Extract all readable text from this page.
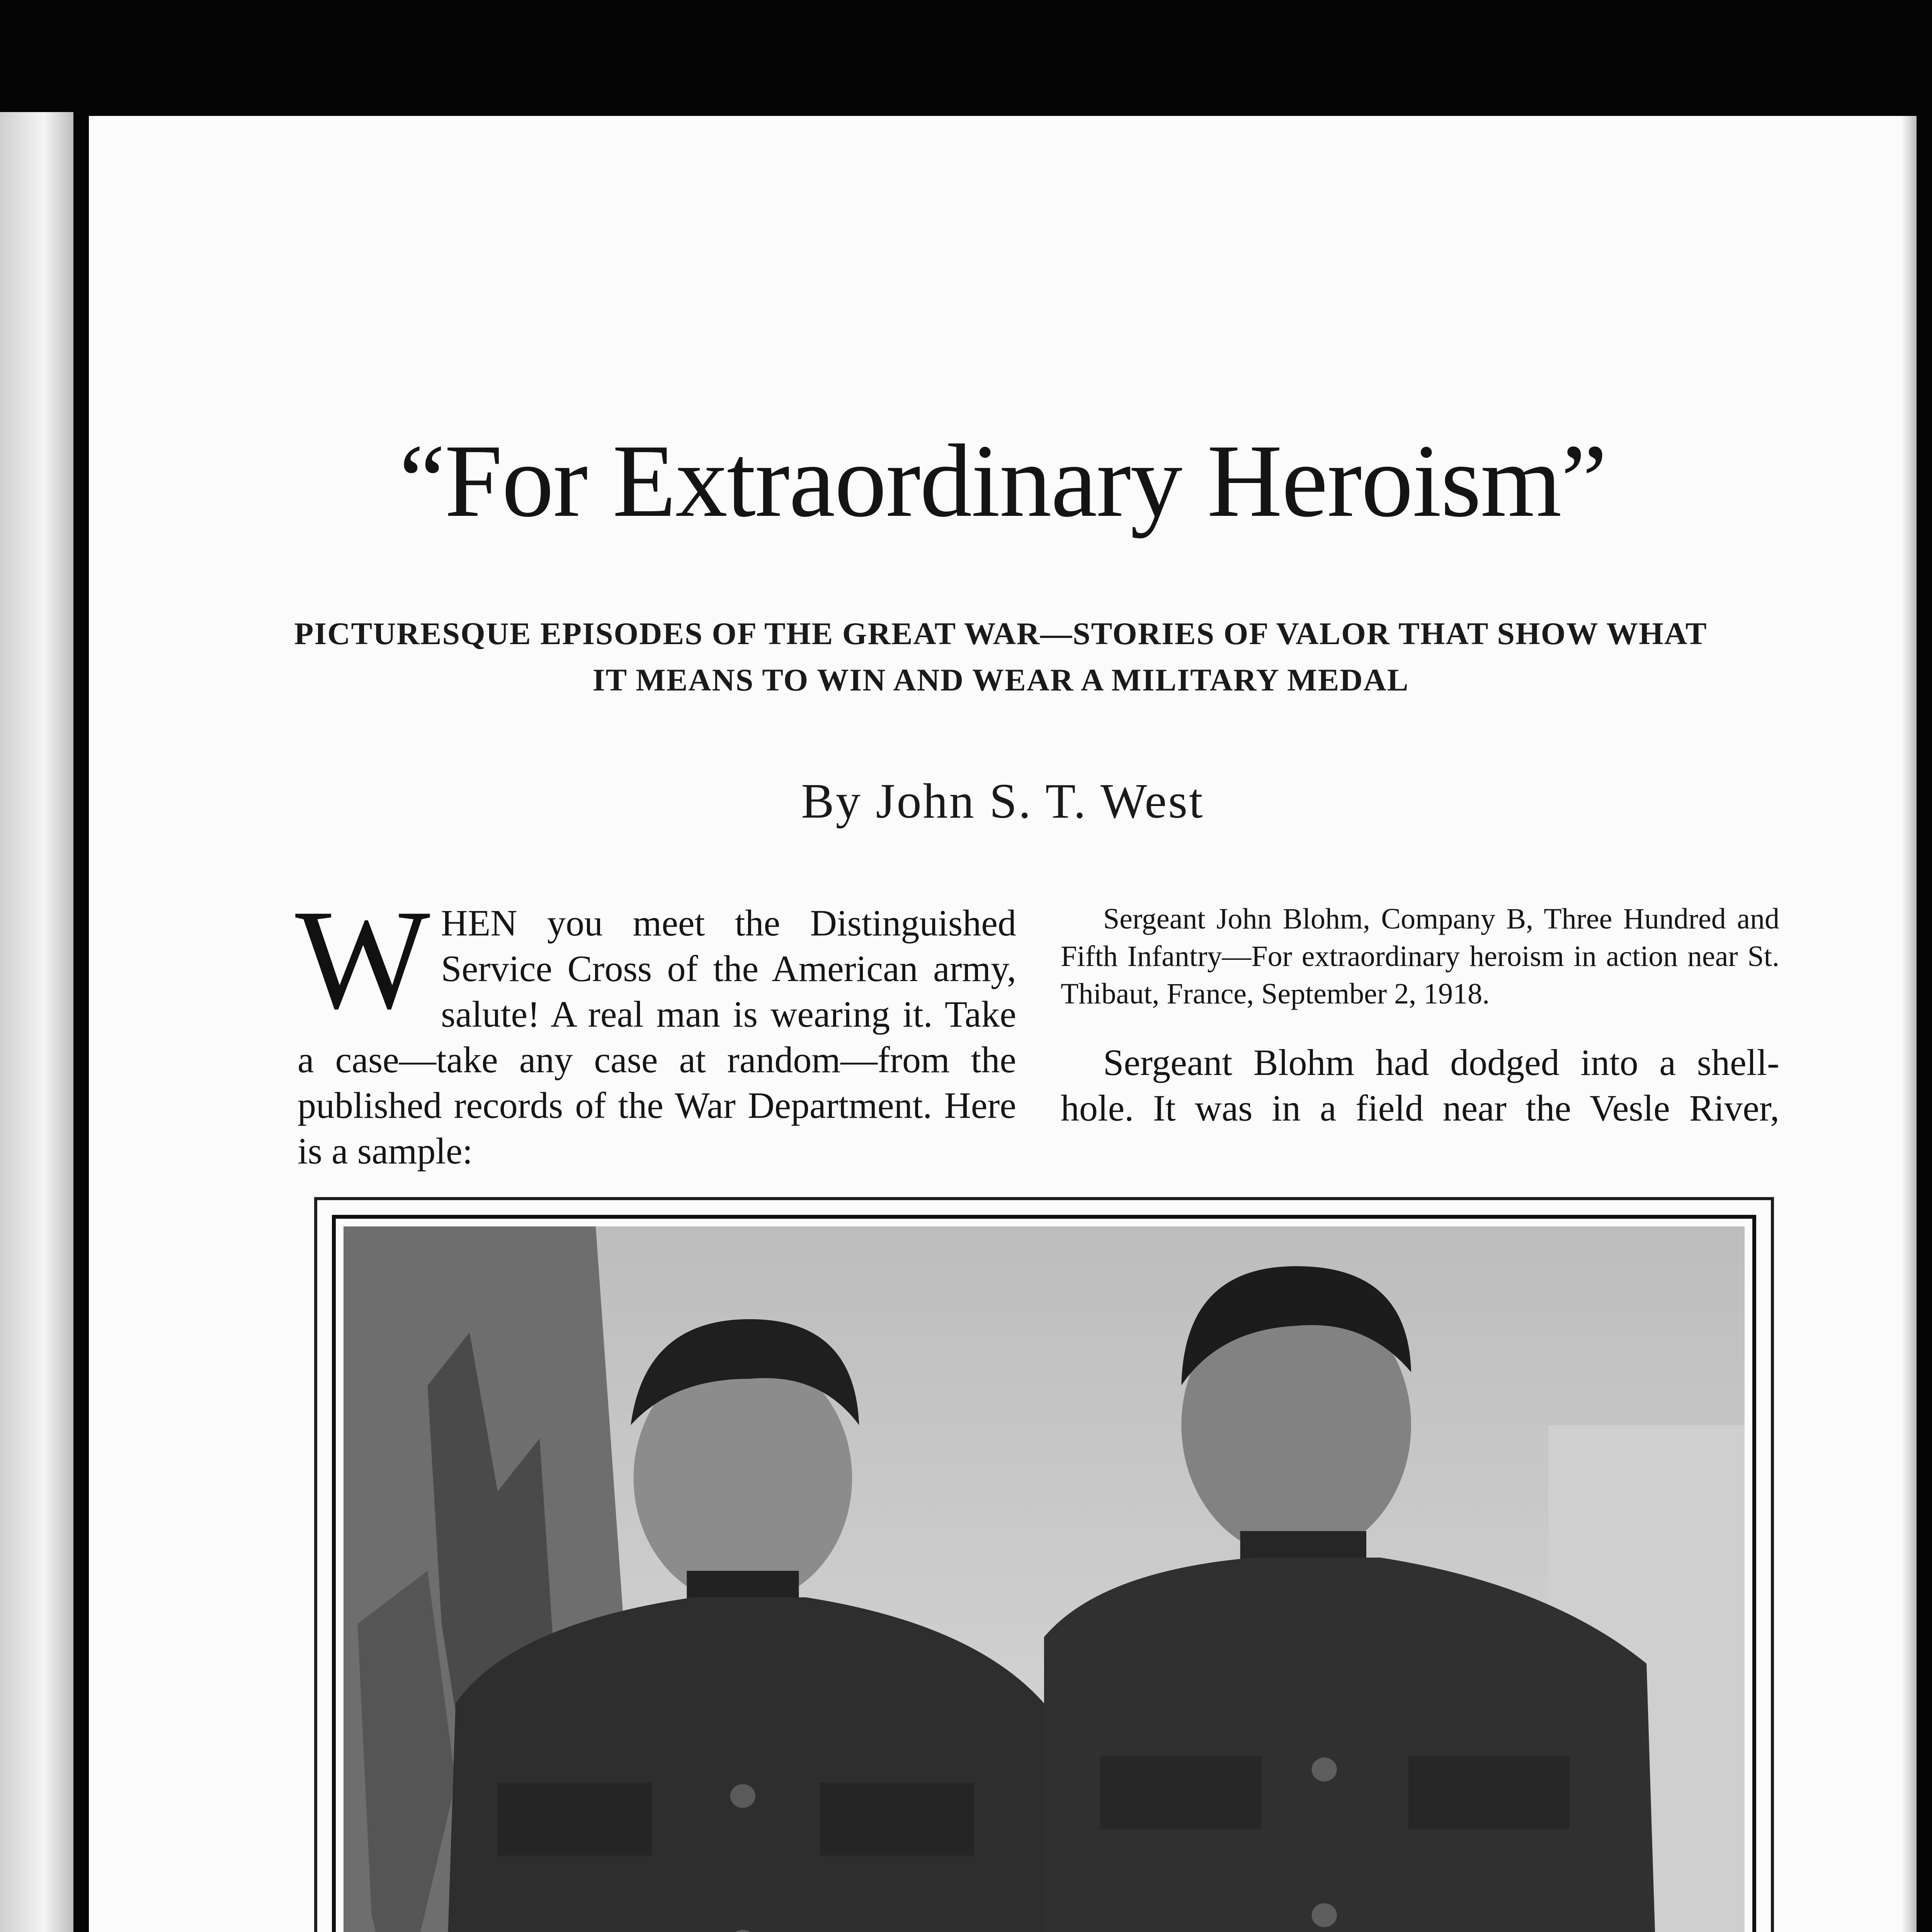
“For Extraordinary Heroism”
PICTURESQUE EPISODES OF THE GREAT WAR—STORIES OF VALOR THAT SHOW WHAT IT MEANS TO WIN AND WEAR A MILITARY MEDAL
By John S. T. West
W HEN you meet the Distinguished Service Cross of the American army, salute! A real man is wearing it. Take a case—take any case at random—from the published records of the War Department. Here is a sample:

Sergeant John Blohm, Company B, Three Hundred and Fifth Infantry—For extraordinary heroism in action near St. Thibaut, France, September 2, 1918.

Sergeant Blohm had dodged into a shell-hole. It was in a field near the Vesle River,
